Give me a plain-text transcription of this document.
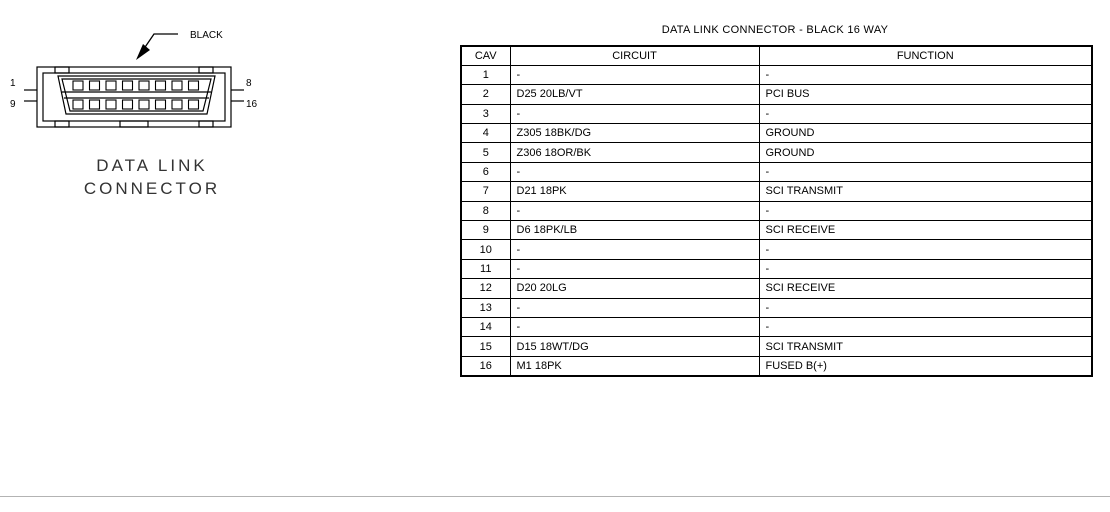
BLACK
1	8
9	16
DATA LINK
CONNECTOR
DATA LINK CONNECTOR - BLACK 16 WAY
CAV	CIRCUIT	FUNCTION
1	-	-
2	D25 20LB/VT	PCI BUS
3	-	-
4	Z305 18BK/DG	GROUND
5	Z306 18OR/BK	GROUND
6	-	-
7	D21 18PK	SCI TRANSMIT
8	-	-
9	D6 18PK/LB	SCI RECEIVE
10	-	-
11	-	-
12	D20 20LG	SCI RECEIVE
13	-	-
14	-	-
15	D15 18WT/DG	SCI TRANSMIT
16	M1 18PK	FUSED B(+)
